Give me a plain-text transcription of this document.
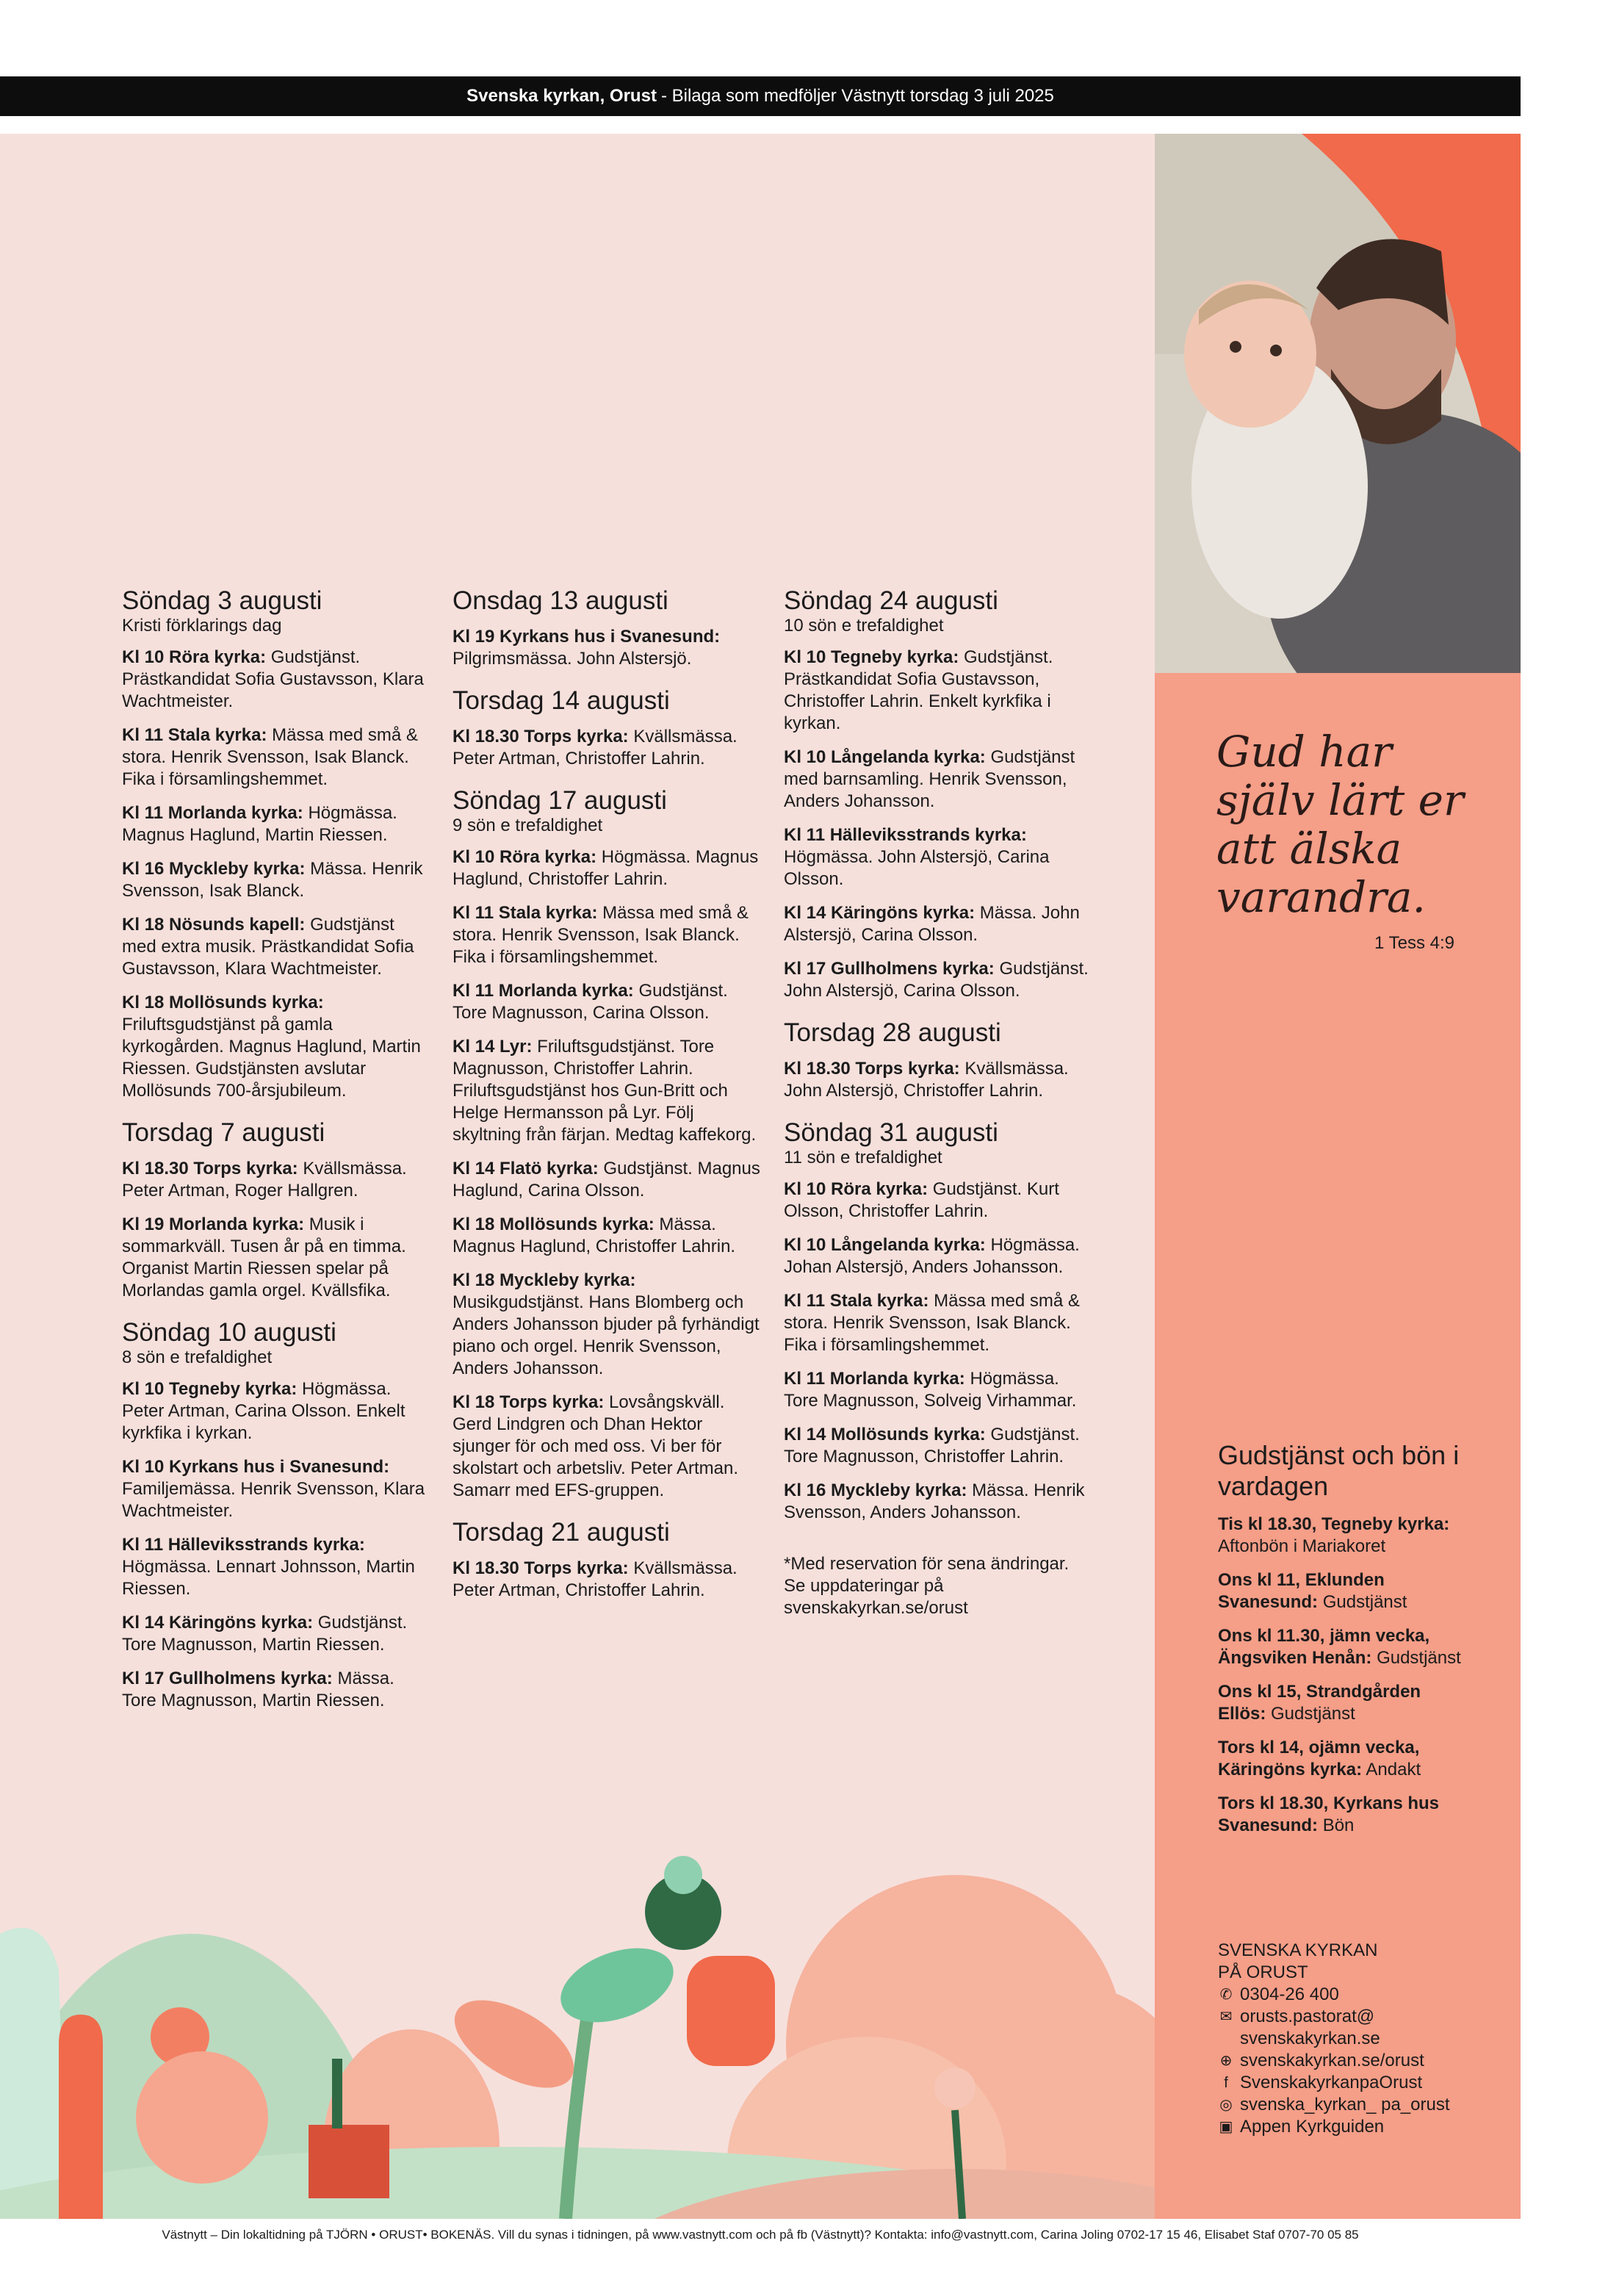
Svenska kyrkan, Orust - Bilaga som medföljer Västnytt torsdag 3 juli 2025
Söndag 3 augusti
Kristi förklarings dag

Kl 10 Röra kyrka: Gudstjänst. Prästkandidat Sofia Gustavsson, Klara Wachtmeister.

Kl 11 Stala kyrka: Mässa med små & stora. Henrik Svensson, Isak Blanck. Fika i församlingshemmet.

Kl 11 Morlanda kyrka: Högmässa. Magnus Haglund, Martin Riessen.

Kl 16 Myckleby kyrka: Mässa. Henrik Svensson, Isak Blanck.

Kl 18 Nösunds kapell: Gudstjänst med extra musik. Prästkandidat Sofia Gustavsson, Klara Wachtmeister.

Kl 18 Mollösunds kyrka: Friluftsgudstjänst på gamla kyrkogården. Magnus Haglund, Martin Riessen. Gudstjänsten avslutar Mollösunds 700-årsjubileum.

Torsdag 7 augusti

Kl 18.30 Torps kyrka: Kvällsmässa. Peter Artman, Roger Hallgren.

Kl 19 Morlanda kyrka: Musik i sommarkväll. Tusen år på en timma. Organist Martin Riessen spelar på Morlandas gamla orgel. Kvällsfika.

Söndag 10 augusti
8 sön e trefaldighet

Kl 10 Tegneby kyrka: Högmässa. Peter Artman, Carina Olsson. Enkelt kyrkfika i kyrkan.

Kl 10 Kyrkans hus i Svanesund: Familjemässa. Henrik Svensson, Klara Wachtmeister.

Kl 11 Hälleviksstrands kyrka: Högmässa. Lennart Johnsson, Martin Riessen.

Kl 14 Käringöns kyrka: Gudstjänst. Tore Magnusson, Martin Riessen.

Kl 17 Gullholmens kyrka: Mässa. Tore Magnusson, Martin Riessen.

Onsdag 13 augusti

Kl 19 Kyrkans hus i Svanesund: Pilgrimsmässa. John Alstersjö.

Torsdag 14 augusti

Kl 18.30 Torps kyrka: Kvällsmässa. Peter Artman, Christoffer Lahrin.

Söndag 17 augusti
9 sön e trefaldighet

Kl 10 Röra kyrka: Högmässa. Magnus Haglund, Christoffer Lahrin.

Kl 11 Stala kyrka: Mässa med små & stora. Henrik Svensson, Isak Blanck. Fika i församlingshemmet.

Kl 11 Morlanda kyrka: Gudstjänst. Tore Magnusson, Carina Olsson.

Kl 14 Lyr: Friluftsgudstjänst. Tore Magnusson, Christoffer Lahrin. Friluftsgudstjänst hos Gun-Britt och Helge Hermansson på Lyr. Följ skyltning från färjan. Medtag kaffekorg.

Kl 14 Flatö kyrka: Gudstjänst. Magnus Haglund, Carina Olsson.

Kl 18 Mollösunds kyrka: Mässa. Magnus Haglund, Christoffer Lahrin.

Kl 18 Myckleby kyrka: Musikgudstjänst. Hans Blomberg och Anders Johansson bjuder på fyrhändigt piano och orgel. Henrik Svensson, Anders Johansson.

Kl 18 Torps kyrka: Lovsångskväll. Gerd Lindgren och Dhan Hektor sjunger för och med oss. Vi ber för skolstart och arbetsliv. Peter Artman. Samarr med EFS-gruppen.

Torsdag 21 augusti

Kl 18.30 Torps kyrka: Kvällsmässa. Peter Artman, Christoffer Lahrin.

Söndag 24 augusti
10 sön e trefaldighet

Kl 10 Tegneby kyrka: Gudstjänst. Prästkandidat Sofia Gustavsson, Christoffer Lahrin. Enkelt kyrkfika i kyrkan.

Kl 10 Långelanda kyrka: Gudstjänst med barnsamling. Henrik Svensson, Anders Johansson.

Kl 11 Hälleviksstrands kyrka: Högmässa. John Alstersjö, Carina Olsson.

Kl 14 Käringöns kyrka: Mässa. John Alstersjö, Carina Olsson.

Kl 17 Gullholmens kyrka: Gudstjänst. John Alstersjö, Carina Olsson.

Torsdag 28 augusti

Kl 18.30 Torps kyrka: Kvällsmässa. John Alstersjö, Christoffer Lahrin.

Söndag 31 augusti
11 sön e trefaldighet

Kl 10 Röra kyrka: Gudstjänst. Kurt Olsson, Christoffer Lahrin.

Kl 10 Långelanda kyrka: Högmässa. Johan Alstersjö, Anders Johansson.

Kl 11 Stala kyrka: Mässa med små & stora. Henrik Svensson, Isak Blanck. Fika i församlingshemmet.

Kl 11 Morlanda kyrka: Högmässa. Tore Magnusson, Solveig Virhammar.

Kl 14 Mollösunds kyrka: Gudstjänst. Tore Magnusson, Christoffer Lahrin.

Kl 16 Myckleby kyrka: Mässa. Henrik Svensson, Anders Johansson.

*Med reservation för sena ändringar. Se uppdateringar på svenskakyrkan.se/orust
Gud har själv lärt er att älska varandra.
1 Tess 4:9
Gudstjänst och bön i vardagen

Tis kl 18.30, Tegneby kyrka: Aftonbön i Mariakoret

Ons kl 11, Eklunden Svanesund: Gudstjänst

Ons kl 11.30, jämn vecka, Ängsviken Henån: Gudstjänst

Ons kl 15, Strandgården Ellös: Gudstjänst

Tors kl 14, ojämn vecka, Käringöns kyrka: Andakt

Tors kl 18.30, Kyrkans hus Svanesund: Bön

SVENSKA KYRKAN
PÅ ORUST
✆ 0304-26 400
✉ orusts.pastorat@ svenskakyrkan.se
⊕ svenskakyrkan.se/orust
f SvenskakyrkanpaOrust
◎ svenska_kyrkan_ pa_orust
▣ Appen Kyrkguiden
Västnytt – Din lokaltidning på TJÖRN • ORUST• BOKENÄS. Vill du synas i tidningen, på www.vastnytt.com och på fb (Västnytt)? Kontakta: info@vastnytt.com, Carina Joling 0702-17 15 46, Elisabet Staf 0707-70 05 85
